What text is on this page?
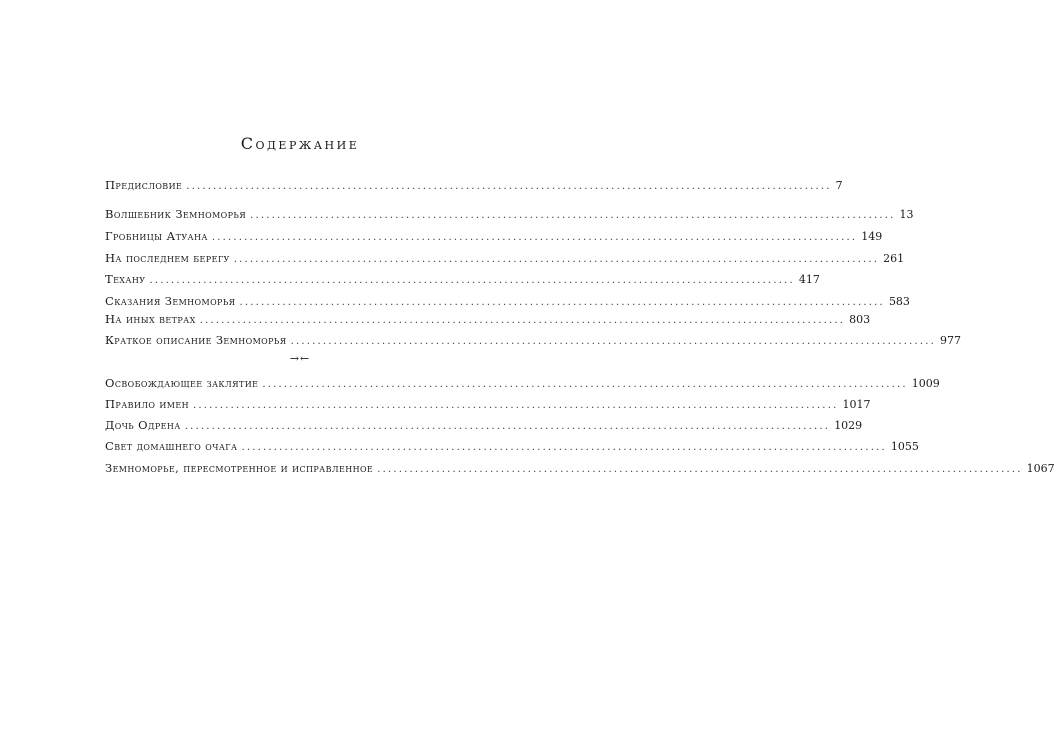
Содержание
Предисловие ........................................................................................................................ 7
Волшебник Земноморья ........................................................................................................................ 13
Гробницы Атуана ........................................................................................................................ 149
На последнем берегу ........................................................................................................................ 261
Техану ........................................................................................................................ 417
Сказания Земноморья ........................................................................................................................ 583
На иных ветрах ........................................................................................................................ 803
Краткое описание Земноморья ........................................................................................................................ 977
→←
Освобождающее заклятие ........................................................................................................................ 1009
Правило имен ........................................................................................................................ 1017
Дочь Одрена ........................................................................................................................ 1029
Свет домашнего очага ........................................................................................................................ 1055
Земноморье, пересмотренное и исправленное ........................................................................................................................ 1067
